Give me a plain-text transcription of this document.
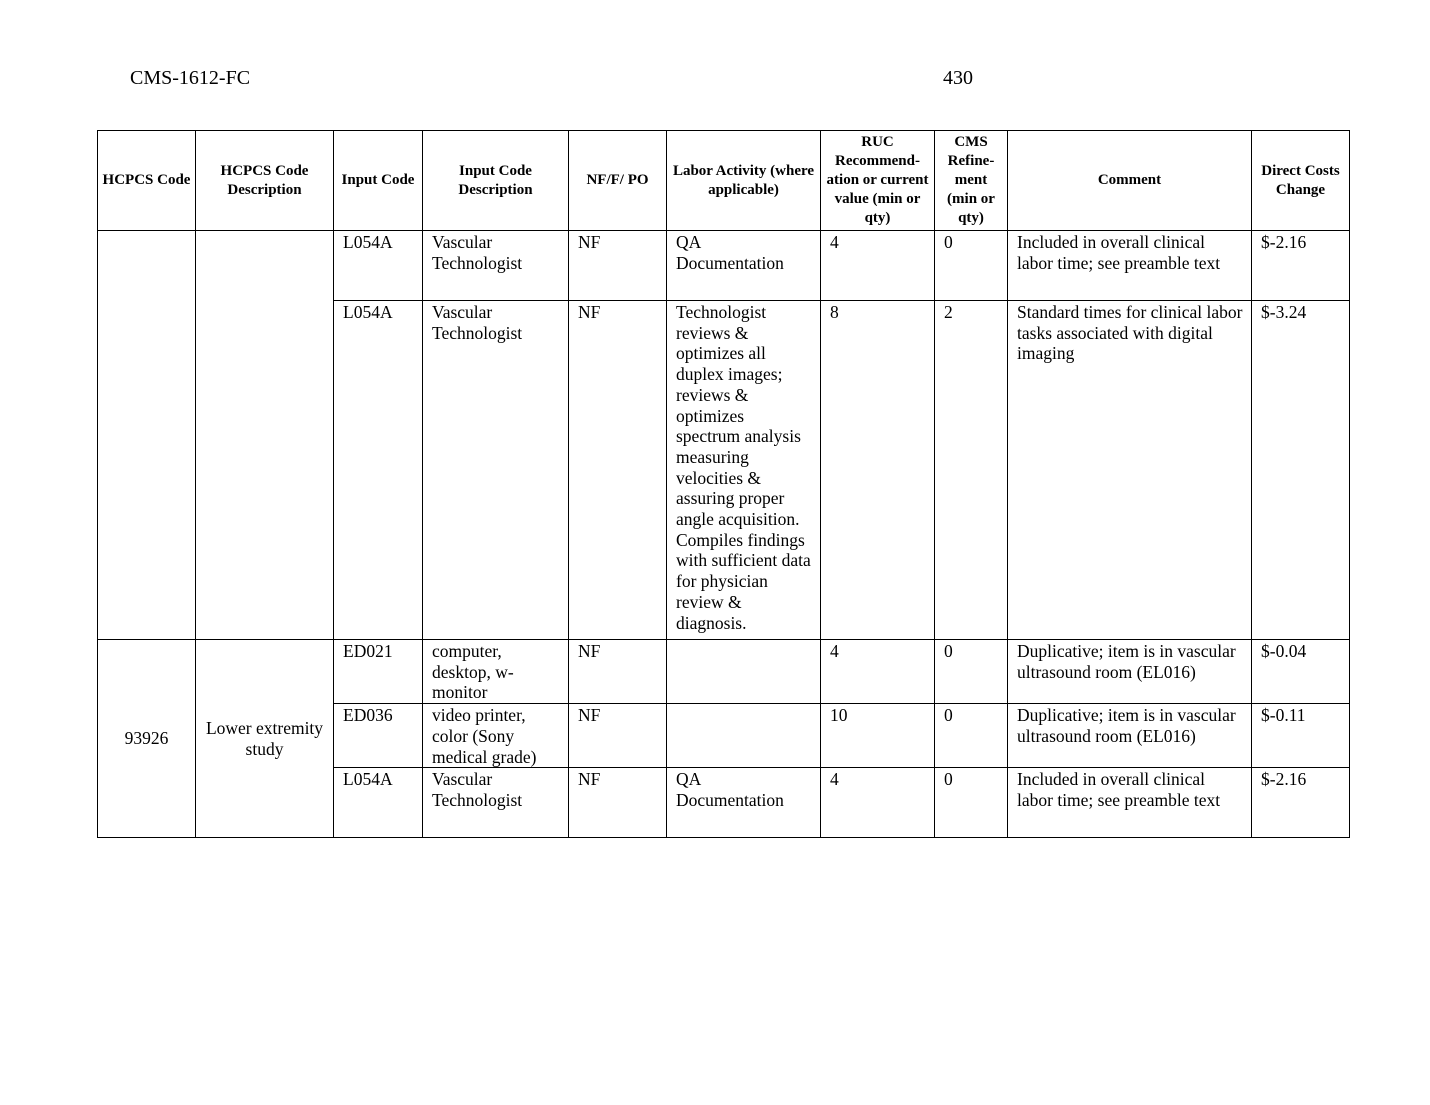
CMS-1612-FC	430
HCPCS Code	HCPCS Code Description	Input Code	Input Code Description	NF/F/ PO	Labor Activity (where applicable)	RUC Recommend-ation or current value (min or qty)	CMS Refine-ment (min or qty)	Comment	Direct Costs Change
		L054A	Vascular Technologist	NF	QA Documentation	4	0	Included in overall clinical labor time; see preamble text	$-2.16
		L054A	Vascular Technologist	NF	Technologist reviews & optimizes all duplex images; reviews & optimizes spectrum analysis measuring velocities & assuring proper angle acquisition. Compiles findings with sufficient data for physician review & diagnosis.	8	2	Standard times for clinical labor tasks associated with digital imaging	$-3.24
93926	Lower extremity study	ED021	computer, desktop, w-monitor	NF		4	0	Duplicative; item is in vascular ultrasound room (EL016)	$-0.04
		ED036	video printer, color (Sony medical grade)	NF		10	0	Duplicative; item is in vascular ultrasound room (EL016)	$-0.11
		L054A	Vascular Technologist	NF	QA Documentation	4	0	Included in overall clinical labor time; see preamble text	$-2.16
